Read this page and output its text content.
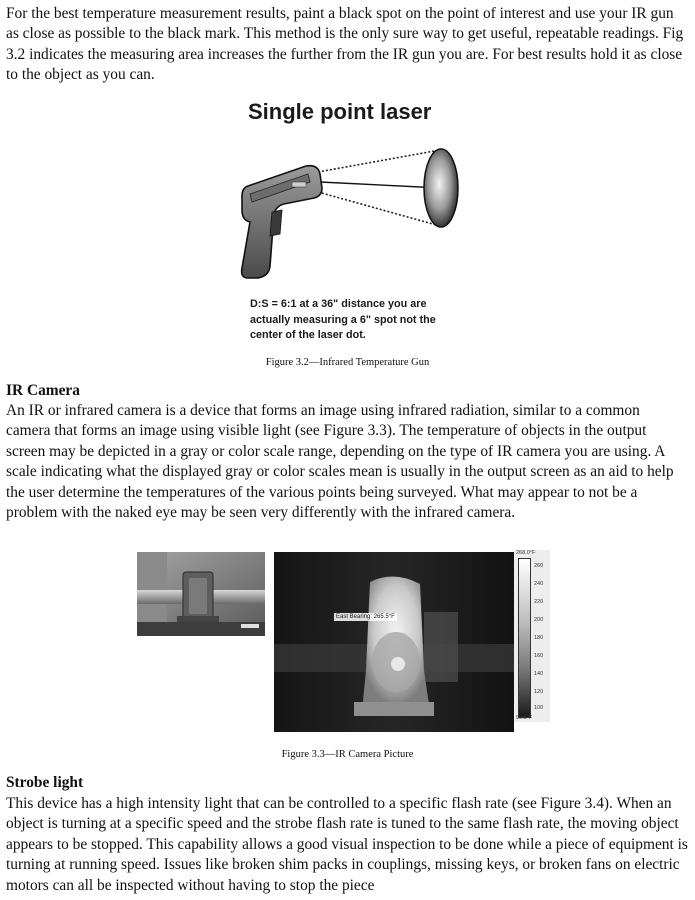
For the best temperature measurement results, paint a black spot on the point of interest and use your IR gun as close as possible to the black mark. This method is the only sure way to get useful, repeatable readings. Fig 3.2 indicates the measuring area increases the further from the IR gun you are. For best results hold it as close to the object as you can.

Single point laser

D:S = 6:1 at a 36" distance you are actually measuring a 6" spot not the center of the laser dot.

Figure 3.2—Infrared Temperature Gun
IR Camera

An IR or infrared camera is a device that forms an image using infrared radiation, similar to a common camera that forms an image using visible light (see Figure 3.3). The temperature of objects in the output screen may be depicted in a gray or color scale range, depending on the type of IR camera you are using. A scale indicating what the displayed gray or color scales mean is usually in the output screen as an aid to help the user determine the temperatures of the various points being surveyed. What may appear to not be a problem with the naked eye may be seen very differently with the infrared camera.

East Bearing: 265.5°F
268.0°F
260
240
220
200
180
160
140
120
100
99.8°F
Figure 3.3—IR Camera Picture
Strobe light

This device has a high intensity light that can be controlled to a specific flash rate (see Figure 3.4). When an object is turning at a specific speed and the strobe flash rate is tuned to the same flash rate, the moving object appears to be stopped. This capability allows a good visual inspection to be done while a piece of equipment is turning at running speed. Issues like broken shim packs in couplings, missing keys, or broken fans on electric motors can all be inspected without having to stop the piece
